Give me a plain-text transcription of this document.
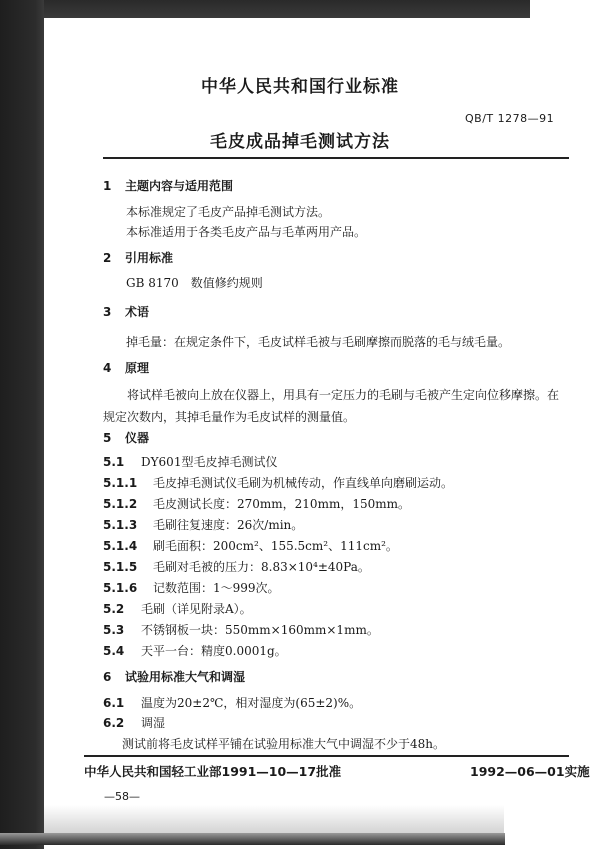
中华人民共和国行业标准
QB/T 1278—91
毛皮成品掉毛测试方法
1 主题内容与适用范围
本标准规定了毛皮产品掉毛测试方法。
本标准适用于各类毛皮产品与毛革两用产品。
2 引用标准
GB 8170　数值修约规则
3 术语
掉毛量：在规定条件下，毛皮试样毛被与毛刷摩擦而脱落的毛与绒毛量。
4 原理
将试样毛被向上放在仪器上，用具有一定压力的毛刷与毛被产生定向位移摩擦。在规定次数内，其掉毛量作为毛皮试样的测量值。
5 仪器
5.1 DY601型毛皮掉毛测试仪
5.1.1 毛皮掉毛测试仪毛刷为机械传动，作直线单向磨刷运动。
5.1.2 毛皮测试长度：270mm，210mm，150mm。
5.1.3 毛刷往复速度：26次/min。
5.1.4 刷毛面积：200cm²、155.5cm²、111cm²。
5.1.5 毛刷对毛被的压力：8.83×10⁴±40Pa。
5.1.6 记数范围：1～999次。
5.2 毛刷（详见附录A）。
5.3 不锈钢板一块：550mm×160mm×1mm。
5.4 天平一台：精度0.0001g。
6 试验用标准大气和调湿
6.1 温度为20±2℃，相对湿度为(65±2)%。
6.2 调湿
测试前将毛皮试样平铺在试验用标准大气中调湿不少于48h。
中华人民共和国轻工业部1991—10—17批准	1992—06—01实施
—58—
